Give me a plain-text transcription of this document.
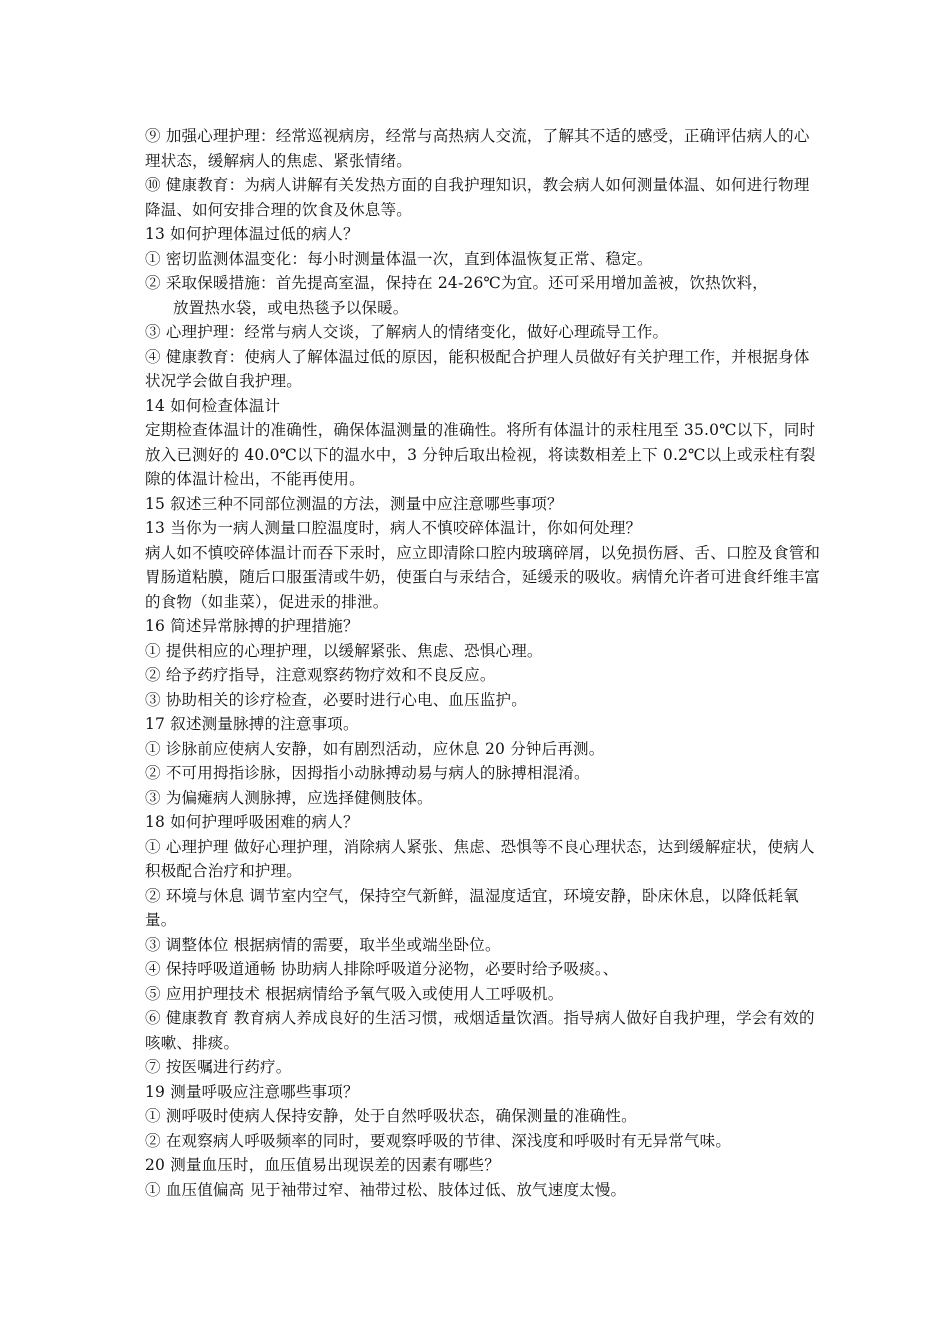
⑨ 加强心理护理：经常巡视病房，经常与高热病人交流，了解其不适的感受，正确评估病人的心理状态，缓解病人的焦虑、紧张情绪。

⑩ 健康教育：为病人讲解有关发热方面的自我护理知识，教会病人如何测量体温、如何进行物理降温、如何安排合理的饮食及休息等。

13 如何护理体温过低的病人？

① 密切监测体温变化：每小时测量体温一次，直到体温恢复正常、稳定。

② 采取保暖措施：首先提高室温，保持在 24-26℃为宜。还可采用增加盖被，饮热饮料，

放置热水袋，或电热毯予以保暖。

③ 心理护理：经常与病人交谈，了解病人的情绪变化，做好心理疏导工作。

④ 健康教育：使病人了解体温过低的原因，能积极配合护理人员做好有关护理工作，并根据身体状况学会做自我护理。

14 如何检查体温计

定期检查体温计的准确性，确保体温测量的准确性。将所有体温计的汞柱甩至 35.0℃以下，同时放入已测好的 40.0℃以下的温水中，3 分钟后取出检视，将读数相差上下 0.2℃以上或汞柱有裂隙的体温计检出，不能再使用。

15 叙述三种不同部位测温的方法，测量中应注意哪些事项？

13 当你为一病人测量口腔温度时，病人不慎咬碎体温计，你如何处理？

病人如不慎咬碎体温计而吞下汞时，应立即清除口腔内玻璃碎屑，以免损伤唇、舌、口腔及食管和胃肠道粘膜，随后口服蛋清或牛奶，使蛋白与汞结合，延缓汞的吸收。病情允许者可进食纤维丰富的食物（如韭菜），促进汞的排泄。

16 简述异常脉搏的护理措施？

① 提供相应的心理护理，以缓解紧张、焦虑、恐惧心理。

② 给予药疗指导，注意观察药物疗效和不良反应。

③ 协助相关的诊疗检查，必要时进行心电、血压监护。

17 叙述测量脉搏的注意事项。

① 诊脉前应使病人安静，如有剧烈活动，应休息 20 分钟后再测。

② 不可用拇指诊脉，因拇指小动脉搏动易与病人的脉搏相混淆。

③ 为偏瘫病人测脉搏，应选择健侧肢体。

18 如何护理呼吸困难的病人？

① 心理护理 做好心理护理，消除病人紧张、焦虑、恐惧等不良心理状态，达到缓解症状，使病人积极配合治疗和护理。

② 环境与休息 调节室内空气，保持空气新鲜，温湿度适宜，环境安静，卧床休息，以降低耗氧量。

③ 调整体位 根据病情的需要，取半坐或端坐卧位。

④ 保持呼吸道通畅 协助病人排除呼吸道分泌物，必要时给予吸痰。、

⑤ 应用护理技术 根据病情给予氧气吸入或使用人工呼吸机。

⑥ 健康教育 教育病人养成良好的生活习惯，戒烟适量饮酒。指导病人做好自我护理，学会有效的咳嗽、排痰。

⑦ 按医嘱进行药疗。

19 测量呼吸应注意哪些事项？

① 测呼吸时使病人保持安静，处于自然呼吸状态，确保测量的准确性。

② 在观察病人呼吸频率的同时，要观察呼吸的节律、深浅度和呼吸时有无异常气味。

20 测量血压时，血压值易出现误差的因素有哪些？

① 血压值偏高 见于袖带过窄、袖带过松、肢体过低、放气速度太慢。
